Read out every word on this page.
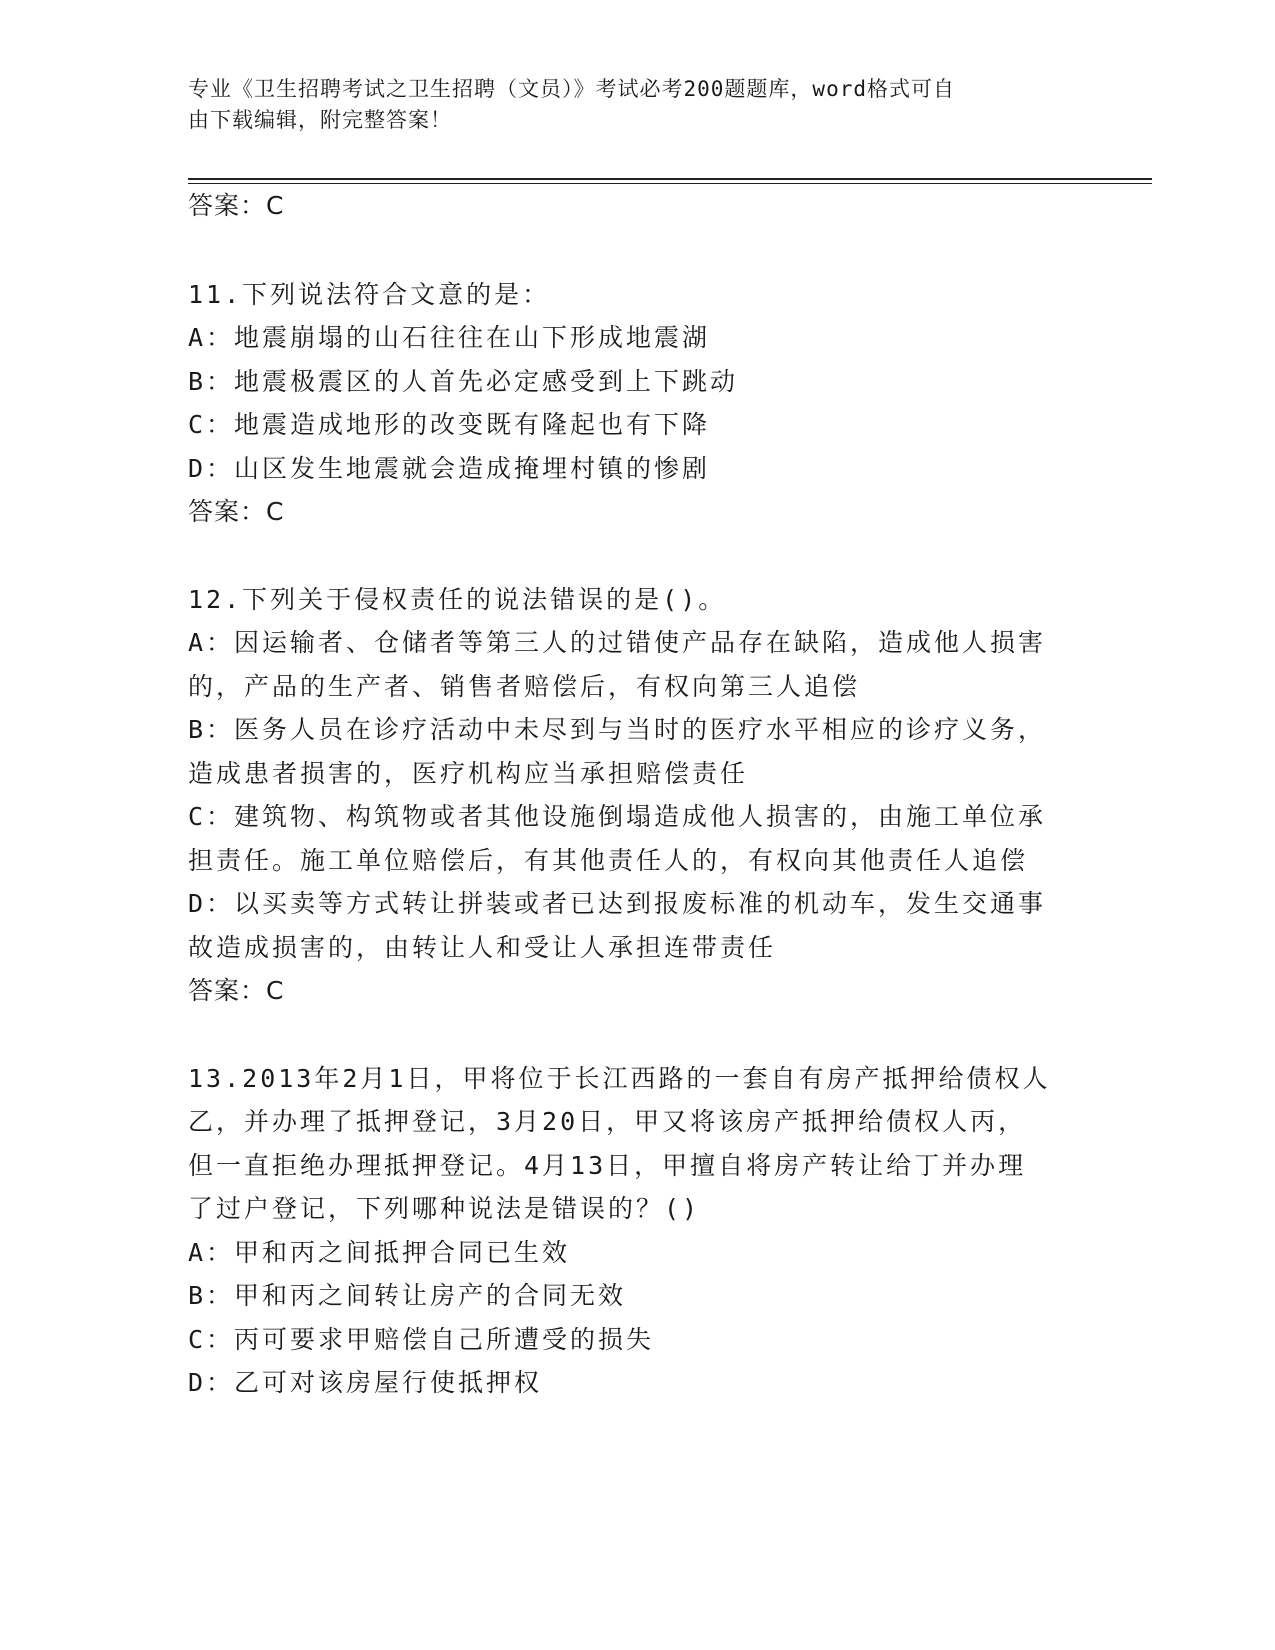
专业《卫生招聘考试之卫生招聘（文员）》考试必考200题题库，word格式可自
由下载编辑，附完整答案！
答案：C
11.下列说法符合文意的是：
A：地震崩塌的山石往往在山下形成地震湖
B：地震极震区的人首先必定感受到上下跳动
C：地震造成地形的改变既有隆起也有下降
D：山区发生地震就会造成掩埋村镇的惨剧
答案：C
12.下列关于侵权责任的说法错误的是()。
A：因运输者、仓储者等第三人的过错使产品存在缺陷，造成他人损害
的，产品的生产者、销售者赔偿后，有权向第三人追偿
B：医务人员在诊疗活动中未尽到与当时的医疗水平相应的诊疗义务，
造成患者损害的，医疗机构应当承担赔偿责任
C：建筑物、构筑物或者其他设施倒塌造成他人损害的，由施工单位承
担责任。施工单位赔偿后，有其他责任人的，有权向其他责任人追偿
D：以买卖等方式转让拼装或者已达到报废标准的机动车，发生交通事
故造成损害的，由转让人和受让人承担连带责任
答案：C
13.2013年2月1日，甲将位于长江西路的一套自有房产抵押给债权人
乙，并办理了抵押登记，3月20日，甲又将该房产抵押给债权人丙，
但一直拒绝办理抵押登记。4月13日，甲擅自将房产转让给丁并办理
了过户登记，下列哪种说法是错误的？()
A：甲和丙之间抵押合同已生效
B：甲和丙之间转让房产的合同无效
C：丙可要求甲赔偿自己所遭受的损失
D：乙可对该房屋行使抵押权
